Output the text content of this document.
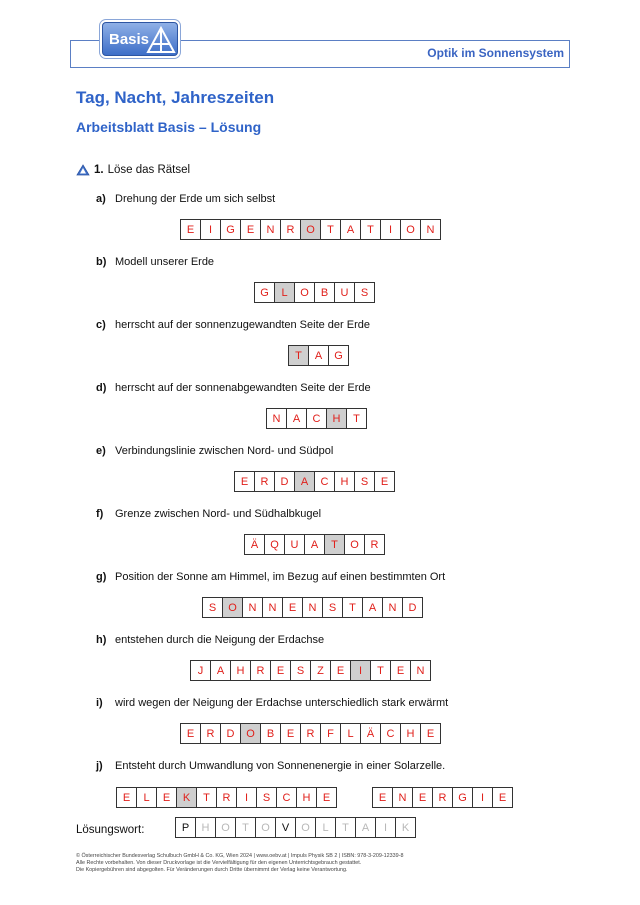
Basis
Optik im Sonnensystem
Tag, Nacht, Jahreszeiten
Arbeitsblatt Basis – Lösung
1. Löse das Rätsel
a) Drehung der Erde um sich selbst
E	I	G	E	N	R	O	T	A	T	I	O	N
b) Modell unserer Erde
G	L	O	B	U	S
c) herrscht auf der sonnenzugewandten Seite der Erde
T	A	G
d) herrscht auf der sonnenabgewandten Seite der Erde
N	A	C	H	T
e) Verbindungslinie zwischen Nord- und Südpol
E	R	D	A	C	H	S	E
f) Grenze zwischen Nord- und Südhalbkugel
Ä	Q	U	A	T	O	R
g) Position der Sonne am Himmel, im Bezug auf einen bestimmten Ort
S	O	N	N	E	N	S	T	A	N	D
h) entstehen durch die Neigung der Erdachse
J	A	H	R	E	S	Z	E	I	T	E	N
i) wird wegen der Neigung der Erdachse unterschiedlich stark erwärmt
E	R	D	O	B	E	R	F	L	Ä	C	H	E
j) Entsteht durch Umwandlung von Sonnenenergie in einer Solarzelle.
E	L	E	K	T	R	I	S	C	H	E	E	N	E	R	G	I	E
Lösungswort:	P	H	O	T	O	V	O	L	T	A	I	K
© Österreichischer Bundesverlag Schulbuch GmbH & Co. KG, Wien 2024 | www.oebv.at | Impuls Physik SB 2 | ISBN: 978-3-209-12339-8
Alle Rechte vorbehalten. Von dieser Druckvorlage ist die Vervielfältigung für den eigenen Unterrichtsgebrauch gestattet.
Die Kopiergebühren sind abgegolten. Für Veränderungen durch Dritte übernimmt der Verlag keine Verantwortung.
